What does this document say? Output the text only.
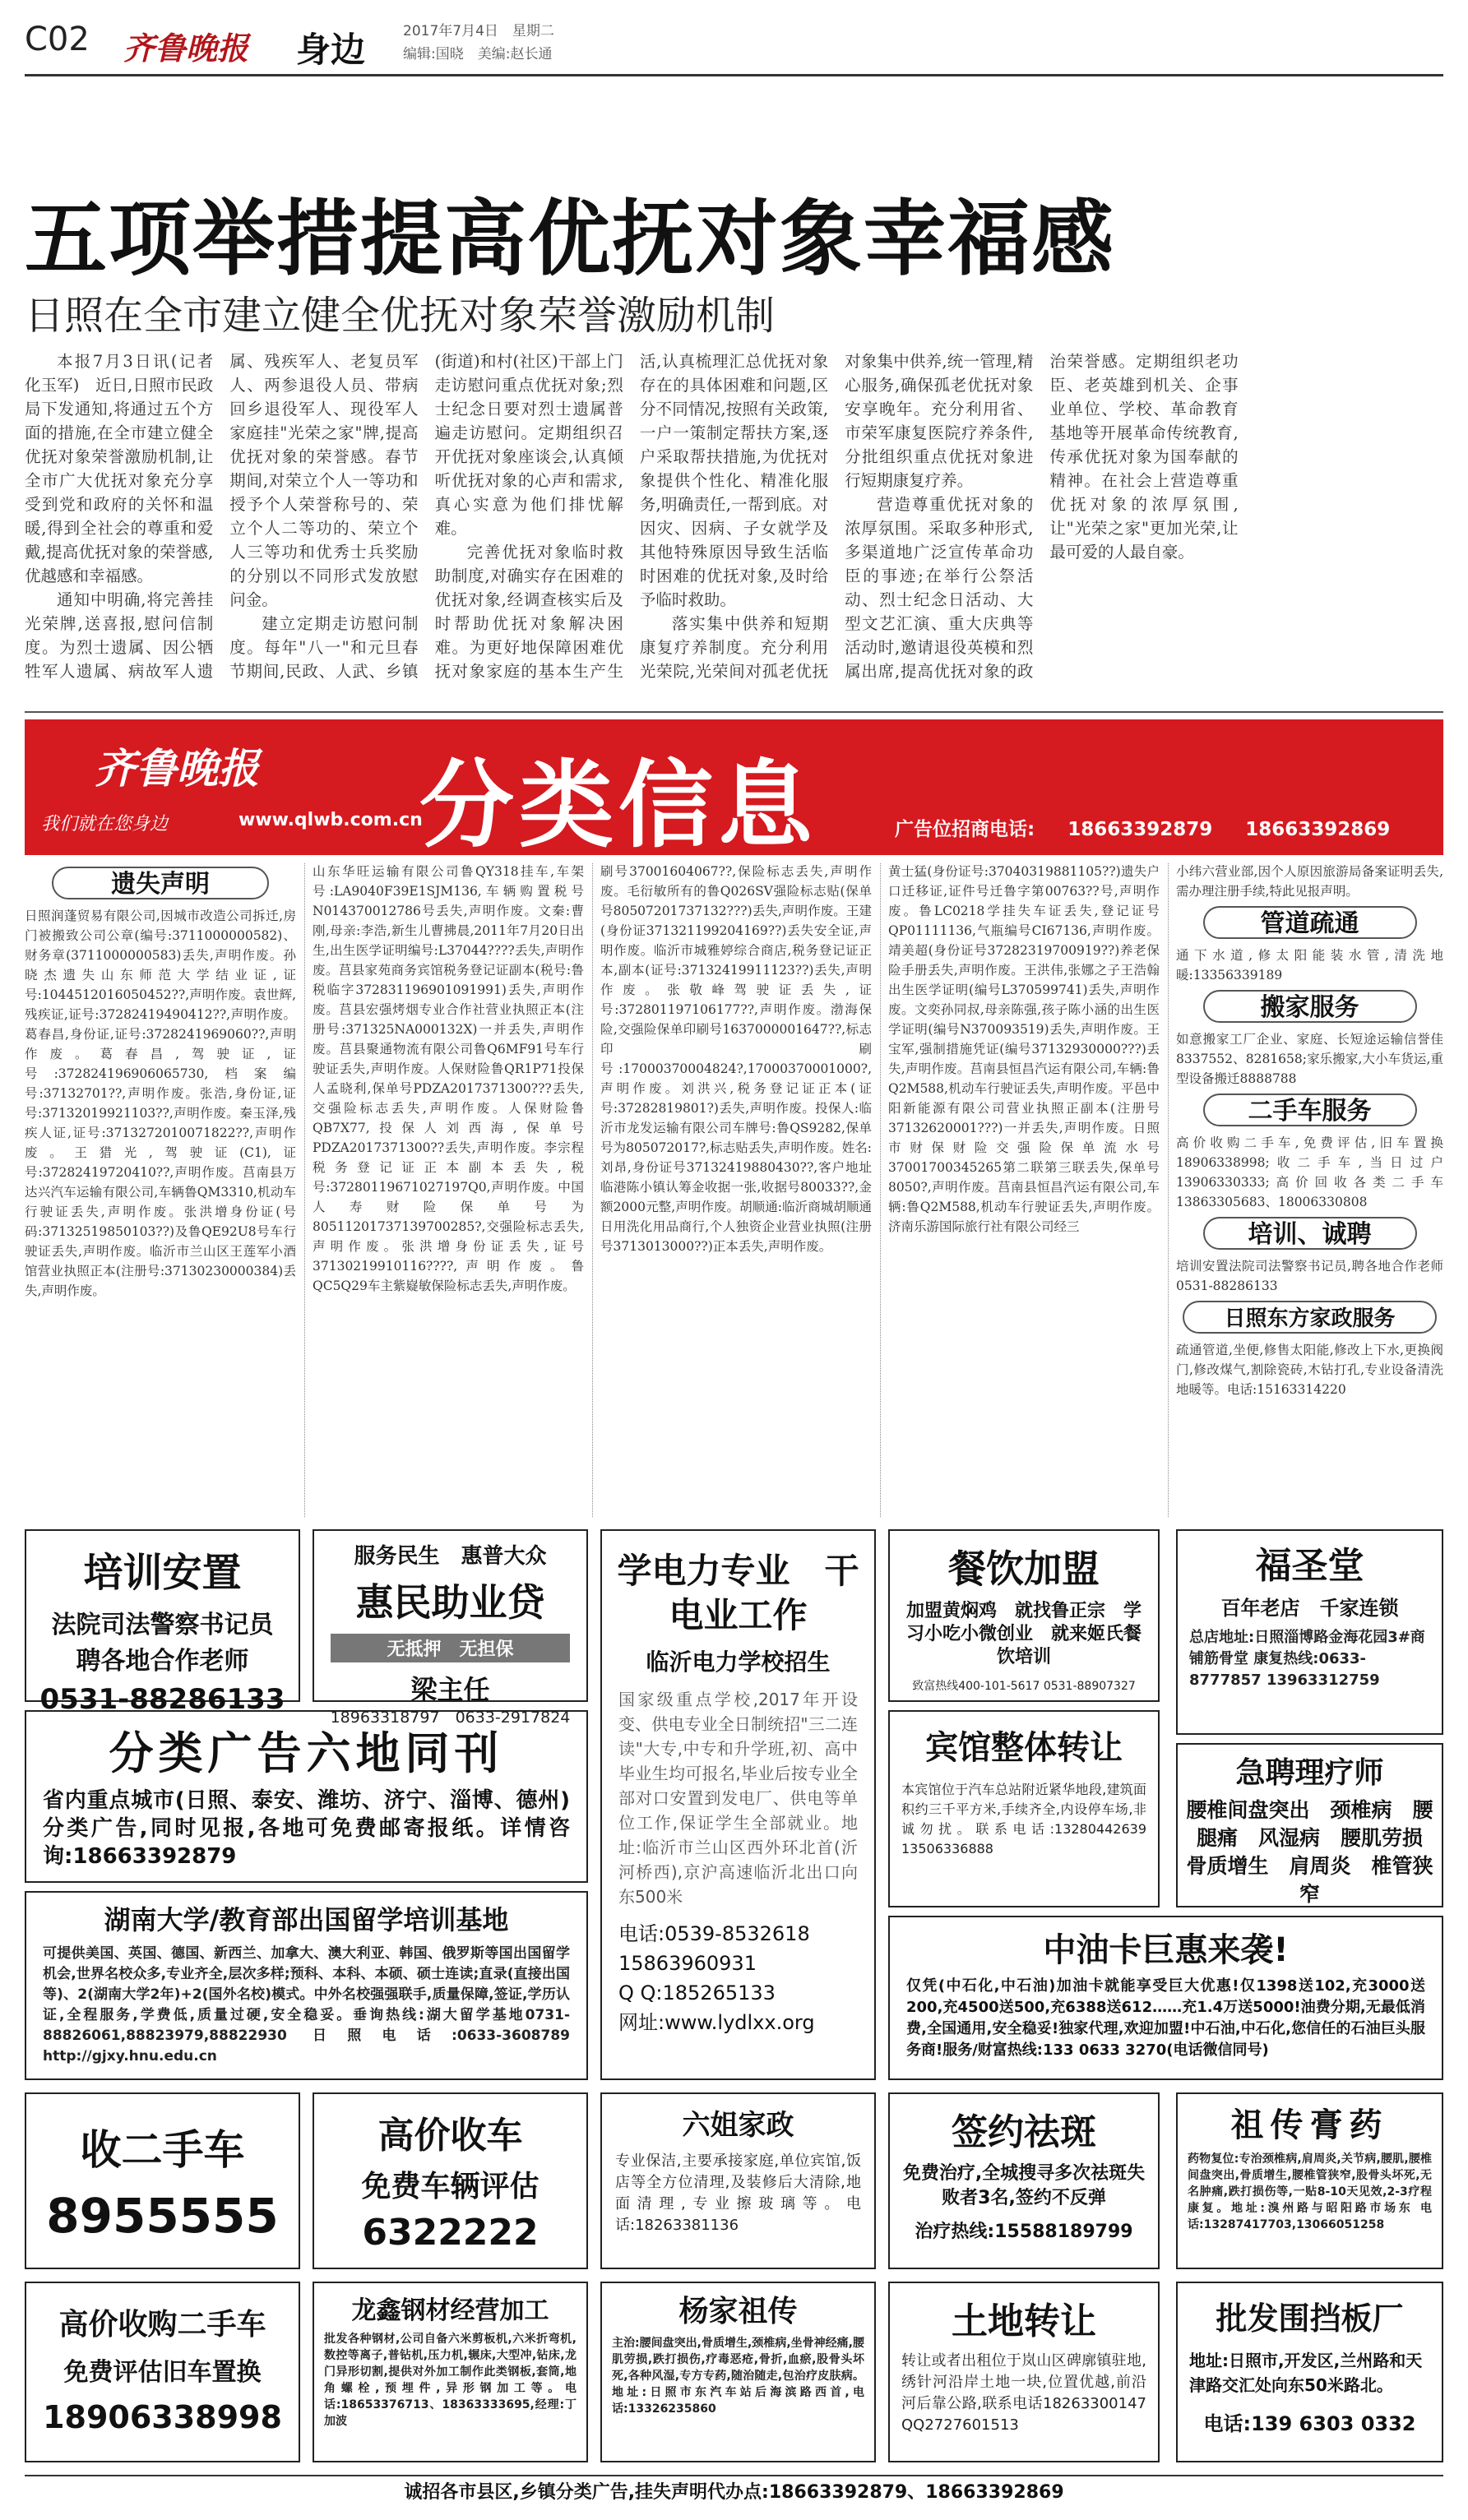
C02 齐鲁晚报 身边	2017年7月4日　星期二
编辑:国晓　美编:赵长通
五项举措提高优抚对象幸福感
日照在全市建立健全优抚对象荣誉激励机制

本报7月3日讯(记者　化玉军)　近日,日照市民政局下发通知,将通过五个方面的措施,在全市建立健全优抚对象荣誉激励机制,让全市广大优抚对象充分享受到党和政府的关怀和温暖,得到全社会的尊重和爱戴,提高优抚对象的荣誉感,优越感和幸福感。

通知中明确,将完善挂光荣牌,送喜报,慰问信制度。为烈士遗属、因公牺牲军人遗属、病故军人遗属、残疾军人、老复员军人、两参退役人员、带病回乡退役军人、现役军人家庭挂"光荣之家"牌,提高优抚对象的荣誉感。春节期间,对荣立个人一等功和授予个人荣誉称号的、荣立个人二等功的、荣立个人三等功和优秀士兵奖励的分别以不同形式发放慰问金。

建立定期走访慰问制度。每年"八一"和元旦春节期间,民政、人武、乡镇(街道)和村(社区)干部上门走访慰问重点优抚对象;烈士纪念日要对烈士遗属普遍走访慰问。定期组织召开优抚对象座谈会,认真倾听优抚对象的心声和需求,真心实意为他们排忧解难。

完善优抚对象临时救助制度,对确实存在困难的优抚对象,经调查核实后及时帮助优抚对象解决困难。为更好地保障困难优抚对象家庭的基本生产生活,认真梳理汇总优抚对象存在的具体困难和问题,区分不同情况,按照有关政策,一户一策制定帮扶方案,逐户采取帮扶措施,为优抚对象提供个性化、精准化服务,明确责任,一帮到底。对因灾、因病、子女就学及其他特殊原因导致生活临时困难的优抚对象,及时给予临时救助。

落实集中供养和短期康复疗养制度。充分利用光荣院,光荣间对孤老优抚对象集中供养,统一管理,精心服务,确保孤老优抚对象安享晚年。充分利用省、市荣军康复医院疗养条件,分批组织重点优抚对象进行短期康复疗养。

营造尊重优抚对象的浓厚氛围。采取多种形式,多渠道地广泛宣传革命功臣的事迹;在举行公祭活动、烈士纪念日活动、大型文艺汇演、重大庆典等活动时,邀请退役英模和烈属出席,提高优抚对象的政治荣誉感。定期组织老功臣、老英雄到机关、企事业单位、学校、革命教育基地等开展革命传统教育,传承优抚对象为国奉献的精神。在社会上营造尊重优抚对象的浓厚氛围,让"光荣之家"更加光荣,让最可爱的人最自豪。

齐鲁晚报
我们就在您身边	www.qlwb.com.cn
分类信息	广告位招商电话: 18663392879 18663392869
遗失声明

日照润蓬贸易有限公司,因城市改造公司拆迁,房门被搬致公司公章(编号:3711000000582)、财务章(3711000000583)丢失,声明作废。孙晓杰遗失山东师范大学结业证,证号:1044512016050452??,声明作废。袁世辉,残疾证,证号:37282419490412??,声明作废。葛春昌,身份证,证号:3728241969060??,声明作废。葛春昌,驾驶证,证号:372824196906065730,档案编号:37132701??,声明作废。张浩,身份证,证号:37132019921103??,声明作废。秦玉泽,残疾人证,证号:3713272010071822??,声明作废。王猎光,驾驶证(C1),证号:37282419720410??,声明作废。莒南县万达兴汽车运输有限公司,车辆鲁QM3310,机动车行驶证丢失,声明作废。张洪增身份证(号码:37132519850103??)及鲁QE92U8号车行驶证丢失,声明作废。临沂市兰山区王莲军小酒馆营业执照正本(注册号:37130230000384)丢失,声明作废。

山东华旺运输有限公司鲁QY318挂车,车架号:LA9040F39E1SJM136,车辆购置税号N014370012786号丢失,声明作废。文秦:曹刚,母亲:李浩,新生儿曹拂晨,2011年7月20日出生,出生医学证明编号:L37044????丢失,声明作废。莒县家苑商务宾馆税务登记证副本(税号:鲁税临字372831196901091991)丢失,声明作废。莒县宏强烤烟专业合作社营业执照正本(注册号:371325NA000132X)一并丢失,声明作废。莒县聚通物流有限公司鲁Q6MF91号车行驶证丢失,声明作废。人保财险鲁QR1P71投保人孟晓利,保单号PDZA2017371300???丢失,交强险标志丢失,声明作废。人保财险鲁QB7X77,投保人刘西海,保单号PDZA2017371300??丢失,声明作废。李宗程税务登记证正本副本丢失,税号:37280119671027197Q0,声明作废。中国人寿财险保单号为80511201737139700285?,交强险标志丢失,声明作废。张洪增身份证丢失,证号37130219910116????,声明作废。鲁QC5Q29车主紫嶷敏保险标志丢失,声明作废。

刷号37001604067??,保险标志丢失,声明作废。毛衍敏所有的鲁Q026SV强险标志贴(保单号80507201737132???)丢失,声明作废。王建(身份证371321199204169??)丢失安全证,声明作废。临沂市城雅婷综合商店,税务登记证正本,副本(证号:37132419911123??)丢失,声明作废。张敬峰驾驶证丢失,证号:372801197106177??,声明作废。渤海保险,交强险保单印刷号1637000001647??,标志印刷号:17000370004824?,17000370001000?,声明作废。刘洪兴,税务登记证正本(证号:37282819801?)丢失,声明作废。投保人:临沂市龙发运输有限公司车牌号:鲁QS9282,保单号为805072017?,标志贴丢失,声明作废。姓名:刘昂,身份证号37132419880430??,客户地址临港陈小镇认筹金收据一张,收据号80033??,金额2000元整,声明作废。胡顺通:临沂商城胡顺通日用洗化用品商行,个人独资企业营业执照(注册号3713013000??)正本丢失,声明作废。

黄士猛(身份证号:37040319881105??)遗失户口迁移证,证件号迁鲁字第00763??号,声明作废。鲁LC0218学挂失车证丢失,登记证号QP01111136,气瓶编号CI67136,声明作废。靖美超(身份证号37282319700919??)养老保险手册丢失,声明作废。王洪伟,张娜之子王浩翰出生医学证明(编号L370599741)丢失,声明作废。文奕孙同叔,母亲陈强,孩子陈小涵的出生医学证明(编号N370093519)丢失,声明作废。王宝军,强制措施凭证(编号37132930000???)丢失,声明作废。莒南县恒昌汽运有限公司,车辆:鲁Q2M588,机动车行驶证丢失,声明作废。平邑中阳新能源有限公司营业执照正副本(注册号37132620001???)一并丢失,声明作废。日照市财保财险交强险保单流水号37001700345265第二联第三联丢失,保单号8050?,声明作废。莒南县恒昌汽运有限公司,车辆:鲁Q2M588,机动车行驶证丢失,声明作废。济南乐游国际旅行社有限公司经三

小纬六营业部,因个人原因旅游局备案证明丢失,需办理注册手续,特此见报声明。

管道疏通

通下水道,修太阳能装水管,清洗地暖:13356339189

搬家服务

如意搬家工厂企业、家庭、长短途运输信誉佳8337552、8281658;家乐搬家,大小车货运,重型设备搬迁8888788

二手车服务

高价收购二手车,免费评估,旧车置换18906338998;收二手车,当日过户13906330333;高价回收各类二手车13863305683、18006330808

培训、诚聘

培训安置法院司法警察书记员,聘各地合作老师0531-88286133

日照东方家政服务

疏通管道,坐便,修售太阳能,修改上下水,更换阀门,修改煤气,割除瓷砖,木钻打孔,专业设备清洗地暖等。电话:15163314220

培训安置
法院司法警察书记员
聘各地合作老师
0531-88286133
服务民生　惠普大众
惠民助业贷
无抵押　无担保
梁主任
18963318797　0633-2917824
学电力专业　干电业工作
临沂电力学校招生
国家级重点学校,2017年开设变、供电专业全日制统招"三二连读"大专,中专和升学班,初、高中毕业生均可报名,毕业后按专业全部对口安置到发电厂、供电等单位工作,保证学生全部就业。地址:临沂市兰山区西外环北首(沂河桥西),京沪高速临沂北出口向东500米
电话:0539-8532618　15863960931
Q Q:185265133
网址:www.lydlxx.org
餐饮加盟
加盟黄焖鸡　就找鲁正宗　学习小吃小微创业　就来姬氏餐饮培训
致富热线400-101-5617 0531-88907327
福圣堂
百年老店　千家连锁
总店地址:日照淄博路金海花园3#商铺筋骨堂 康复热线:0633-8777857 13963312759
分类广告六地同刊
省内重点城市(日照、泰安、潍坊、济宁、淄博、德州)分类广告,同时见报,各地可免费邮寄报纸。详情咨询:18663392879
宾馆整体转让
本宾馆位于汽车总站附近紧华地段,建筑面积约三千平方米,手续齐全,内设停车场,非诚勿扰。联系电话:13280442639　13506336888
急聘理疗师
腰椎间盘突出　颈椎病　腰腿痛　风湿病　腰肌劳损　骨质增生　肩周炎　椎管狭窄
湖南大学/教育部出国留学培训基地
可提供美国、英国、德国、新西兰、加拿大、澳大利亚、韩国、俄罗斯等国出国留学机会,世界名校众多,专业齐全,层次多样;预科、本科、本硕、硕士连读;直录(直接出国等)、2(湖南大学2年)+2(国外名校)模式。中外名校强强联手,质量保障,签证,学历认证,全程服务,学费低,质量过硬,安全稳妥。垂询热线:湖大留学基地0731-88826061,88823979,88822930 日照电话:0633-3608789 http://gjxy.hnu.edu.cn
中油卡巨惠来袭!
仅凭(中石化,中石油)加油卡就能享受巨大优惠!仅1398送102,充3000送200,充4500送500,充6388送612……充1.4万送5000!油费分期,无最低消费,全国通用,安全稳妥!独家代理,欢迎加盟!中石油,中石化,您信任的石油巨头服务商!服务/财富热线:133 0633 3270(电话微信同号)
收二手车
8955555
高价收车
免费车辆评估
6322222
六姐家政
专业保洁,主要承接家庭,单位宾馆,饭店等全方位清理,及装修后大清除,地面清理,专业擦玻璃等。电话:18263381136
签约祛斑
免费治疗,全城搜寻多次祛斑失败者3名,签约不反弹
治疗热线:15588189799
祖传膏药
药物复位:专治颈椎病,肩周炎,关节病,腰肌,腰椎间盘突出,骨质增生,腰椎管狭窄,股骨头坏死,无名肿痛,跌打损伤等,一贴8-10天见效,2-3疗程康复。地址:溴州路与昭阳路市场东 电话:13287417703,13066051258
高价收购二手车
免费评估旧车置换
18906338998
龙鑫钢材经营加工
批发各种钢材,公司自备六米剪板机,六米折弯机,数控等离子,普钻机,压力机,辗床,大型冲,钻床,龙门异形切割,提供对外加工制作此类钢板,套筒,地角螺栓,预埋件,异形钢加工等。电话:18653376713、18363333695,经理:丁加波
杨家祖传
主治:腰间盘突出,骨质增生,颈椎病,坐骨神经痛,腰肌劳损,跌打损伤,疗毒恶疮,骨折,血瘀,股骨头坏死,各种风湿,专方专药,随治随走,包治疗皮肤病。地址:日照市东汽车站后海滨路西首,电话:13326235860
土地转让
转让或者出租位于岚山区碑廓镇驻地,绣针河沿岸土地一块,位置优越,前沿河后靠公路,联系电话18263300147 QQ2727601513
批发围挡板厂
地址:日照市,开发区,兰州路和天津路交汇处向东50米路北。
电话:139 6303 0332
诚招各市县区,乡镇分类广告,挂失声明代办点:18663392879、18663392869
